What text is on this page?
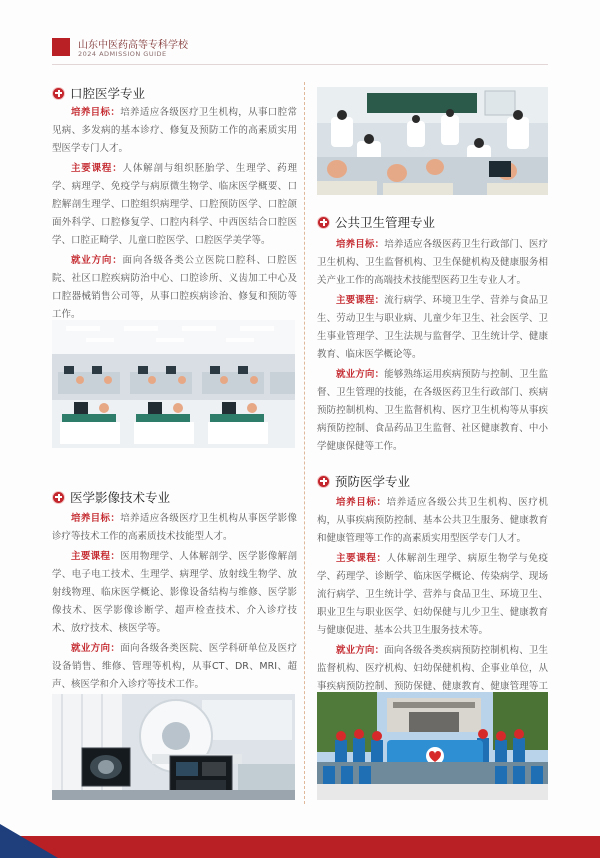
山东中医药高等专科学校
2024 ADMISSION GUIDE
口腔医学专业

培养目标：培养适应各级医疗卫生机构，从事口腔常见病、多发病的基本诊疗、修复及预防工作的高素质实用型医学专门人才。

主要课程：人体解剖与组织胚胎学、生理学、药理学、病理学、免疫学与病原微生物学、临床医学概要、口腔解剖生理学、口腔组织病理学、口腔预防医学、口腔颌面外科学、口腔修复学、口腔内科学、中西医结合口腔医学、口腔正畸学、儿童口腔医学、口腔医学美学等。

就业方向：面向各级各类公立医院口腔科、口腔医院、社区口腔疾病防治中心、口腔诊所、义齿加工中心及口腔器械销售公司等，从事口腔疾病诊治、修复和预防等工作。

医学影像技术专业

培养目标：培养适应各级医疗卫生机构从事医学影像诊疗等技术工作的高素质技术技能型人才。

主要课程：医用物理学、人体解剖学、医学影像解剖学、电子电工技术、生理学、病理学、放射线生物学、放射线物理、临床医学概论、影像设备结构与维修、医学影像技术、医学影像诊断学、超声检查技术、介入诊疗技术、放疗技术、核医学等。

就业方向：面向各级各类医院、医学科研单位及医疗设备销售、维修、管理等机构，从事CT、DR、MRI、超声、核医学和介入诊疗等技术工作。

公共卫生管理专业

培养目标：培养适应各级医药卫生行政部门、医疗卫生机构、卫生监督机构、卫生保健机构及健康服务相关产业工作的高端技术技能型医药卫生专业人才。

主要课程：流行病学、环境卫生学、营养与食品卫生、劳动卫生与职业病、儿童少年卫生、社会医学、卫生事业管理学、卫生法规与监督学、卫生统计学、健康教育、临床医学概论等。

就业方向：能够熟练运用疾病预防与控制、卫生监督、卫生管理的技能，在各级医药卫生行政部门、疾病预防控制机构、卫生监督机构、医疗卫生机构等从事疾病预防控制、食品药品卫生监督、社区健康教育、中小学健康保健等工作。

预防医学专业

培养目标：培养适应各级公共卫生机构、医疗机构，从事疾病预防控制、基本公共卫生服务、健康教育和健康管理等工作的高素质实用型医学专门人才。

主要课程：人体解剖生理学、病原生物学与免疫学、药理学、诊断学、临床医学概论、传染病学、现场流行病学、卫生统计学、营养与食品卫生、环境卫生、职业卫生与职业医学、妇幼保健与儿少卫生、健康教育与健康促进、基本公共卫生服务技术等。

就业方向：面向各级各类疾病预防控制机构、卫生监督机构、医疗机构、妇幼保健机构、企事业单位，从事疾病预防控制、预防保健、健康教育、健康管理等工
